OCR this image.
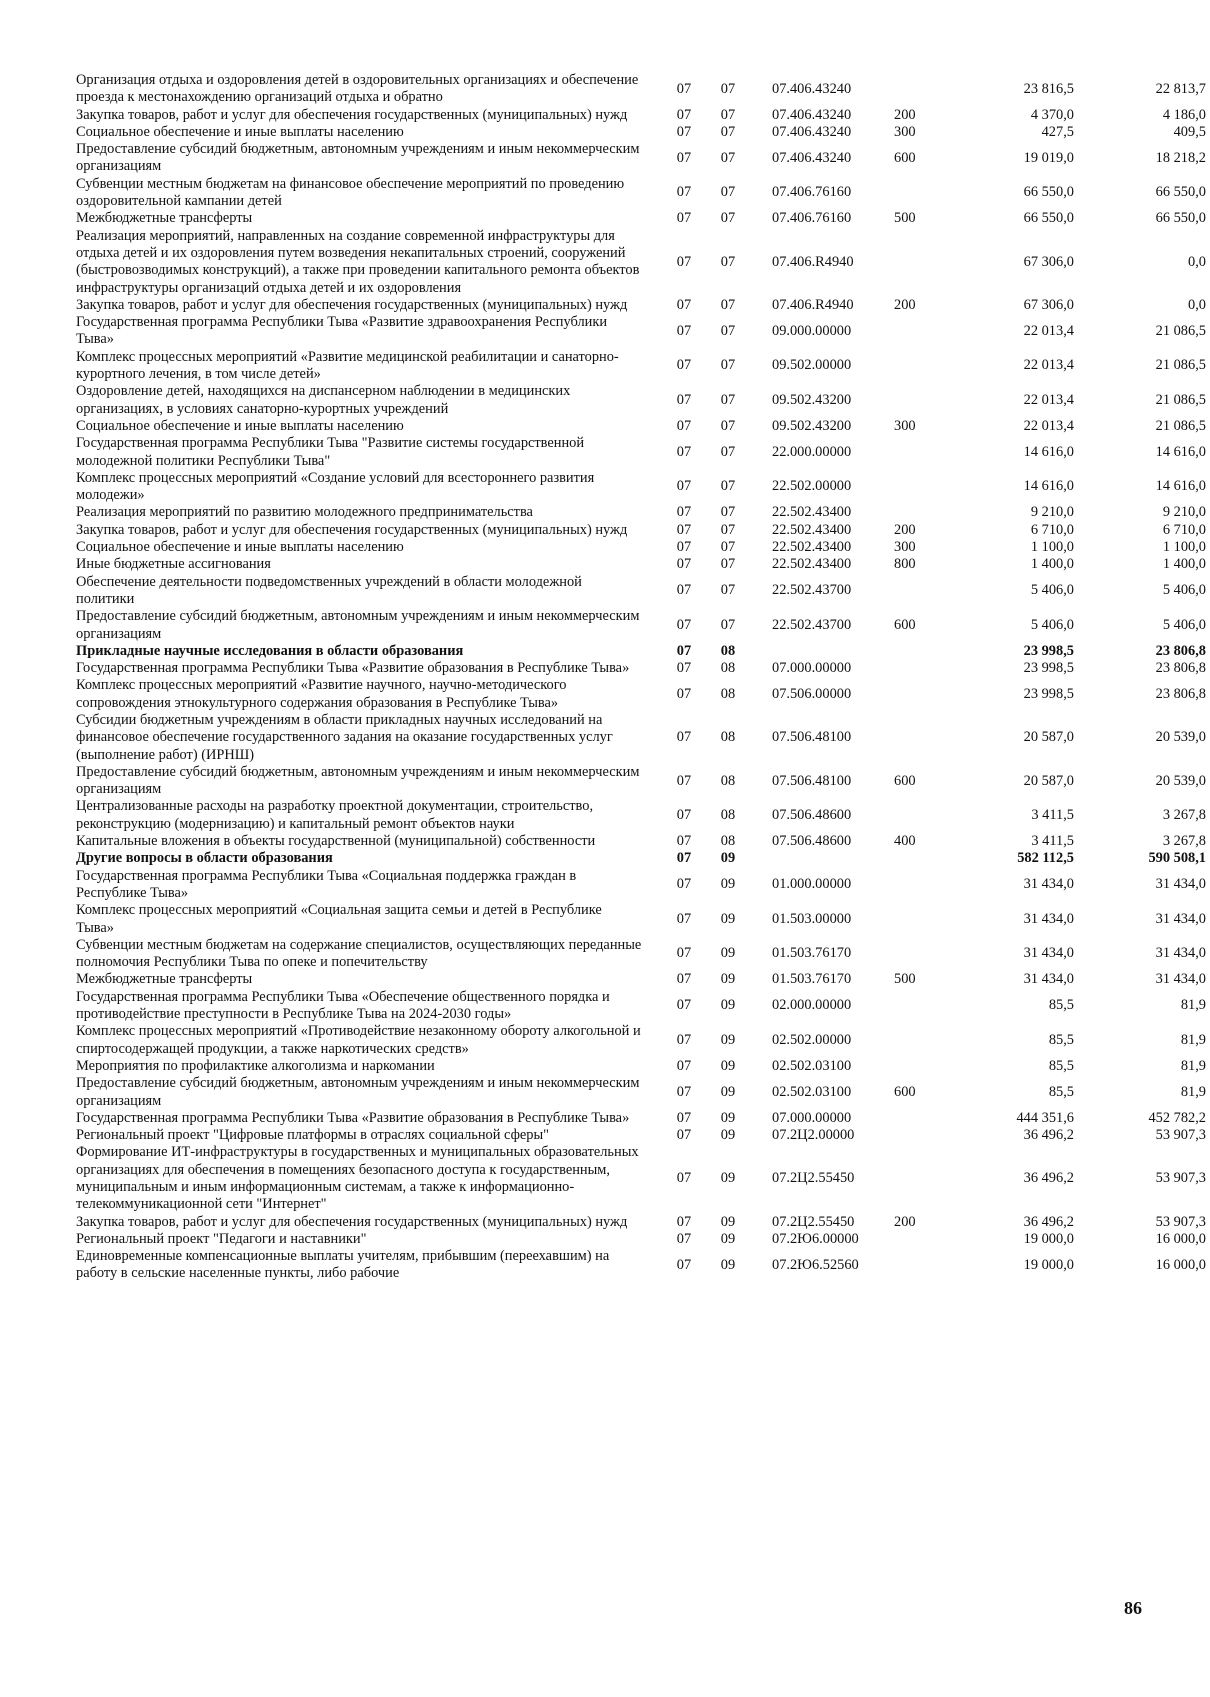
Организация отдыха и оздоровления детей в оздоровительных организациях и обеспечение проезда к местонахождению организаций отдыха и обратно	07	07	07.406.43240		23 816,5	22 813,7
Закупка товаров, работ и услуг для обеспечения государственных (муниципальных) нужд	07	07	07.406.43240	200	4 370,0	4 186,0
Социальное обеспечение и иные выплаты населению	07	07	07.406.43240	300	427,5	409,5
Предоставление субсидий бюджетным, автономным учреждениям и иным некоммерческим организациям	07	07	07.406.43240	600	19 019,0	18 218,2
Субвенции местным бюджетам на финансовое обеспечение мероприятий по проведению оздоровительной кампании детей	07	07	07.406.76160		66 550,0	66 550,0
Межбюджетные трансферты	07	07	07.406.76160	500	66 550,0	66 550,0
Реализация мероприятий, направленных на создание современной инфраструктуры для отдыха детей и их оздоровления путем возведения некапитальных строений, сооружений (быстровозводимых конструкций), а также при проведении капитального ремонта объектов инфраструктуры организаций отдыха детей и их оздоровления	07	07	07.406.R4940		67 306,0	0,0
Закупка товаров, работ и услуг для обеспечения государственных (муниципальных) нужд	07	07	07.406.R4940	200	67 306,0	0,0
Государственная программа Республики Тыва «Развитие здравоохранения Республики Тыва»	07	07	09.000.00000		22 013,4	21 086,5
Комплекс процессных мероприятий «Развитие медицинской реабилитации и санаторно-курортного лечения, в том числе детей»	07	07	09.502.00000		22 013,4	21 086,5
Оздоровление детей, находящихся на диспансерном наблюдении в медицинских организациях, в условиях санаторно-курортных учреждений	07	07	09.502.43200		22 013,4	21 086,5
Социальное обеспечение и иные выплаты населению	07	07	09.502.43200	300	22 013,4	21 086,5
Государственная программа Республики Тыва "Развитие системы государственной молодежной политики Республики Тыва"	07	07	22.000.00000		14 616,0	14 616,0
Комплекс процессных мероприятий «Создание условий для всестороннего развития молодежи»	07	07	22.502.00000		14 616,0	14 616,0
Реализация мероприятий по развитию молодежного предпринимательства	07	07	22.502.43400		9 210,0	9 210,0
Закупка товаров, работ и услуг для обеспечения государственных (муниципальных) нужд	07	07	22.502.43400	200	6 710,0	6 710,0
Социальное обеспечение и иные выплаты населению	07	07	22.502.43400	300	1 100,0	1 100,0
Иные бюджетные ассигнования	07	07	22.502.43400	800	1 400,0	1 400,0
Обеспечение деятельности подведомственных учреждений в области молодежной политики	07	07	22.502.43700		5 406,0	5 406,0
Предоставление субсидий бюджетным, автономным учреждениям и иным некоммерческим организациям	07	07	22.502.43700	600	5 406,0	5 406,0
Прикладные научные исследования в области образования	07	08			23 998,5	23 806,8
Государственная программа Республики Тыва «Развитие образования в Республике Тыва»	07	08	07.000.00000		23 998,5	23 806,8
Комплекс процессных мероприятий «Развитие научного, научно-методического сопровождения этнокультурного содержания образования в Республике Тыва»	07	08	07.506.00000		23 998,5	23 806,8
Субсидии бюджетным учреждениям в области прикладных научных исследований на финансовое обеспечение государственного задания на оказание государственных услуг (выполнение работ) (ИРНШ)	07	08	07.506.48100		20 587,0	20 539,0
Предоставление субсидий бюджетным, автономным учреждениям и иным некоммерческим организациям	07	08	07.506.48100	600	20 587,0	20 539,0
Централизованные расходы на разработку проектной документации, строительство, реконструкцию (модернизацию) и капитальный ремонт объектов науки	07	08	07.506.48600		3 411,5	3 267,8
Капитальные вложения в объекты государственной (муниципальной) собственности	07	08	07.506.48600	400	3 411,5	3 267,8
Другие вопросы в области образования	07	09			582 112,5	590 508,1
Государственная программа Республики Тыва «Социальная поддержка граждан в Республике Тыва»	07	09	01.000.00000		31 434,0	31 434,0
Комплекс процессных мероприятий «Социальная защита семьи и детей в Республике Тыва»	07	09	01.503.00000		31 434,0	31 434,0
Субвенции местным бюджетам на содержание специалистов, осуществляющих переданные полномочия Республики Тыва по опеке и попечительству	07	09	01.503.76170		31 434,0	31 434,0
Межбюджетные трансферты	07	09	01.503.76170	500	31 434,0	31 434,0
Государственная программа Республики Тыва «Обеспечение общественного порядка и противодействие преступности в Республике Тыва на 2024-2030 годы»	07	09	02.000.00000		85,5	81,9
Комплекс процессных мероприятий «Противодействие незаконному обороту алкогольной и спиртосодержащей продукции, а также наркотических средств»	07	09	02.502.00000		85,5	81,9
Мероприятия по профилактике алкоголизма и наркомании	07	09	02.502.03100		85,5	81,9
Предоставление субсидий бюджетным, автономным учреждениям и иным некоммерческим организациям	07	09	02.502.03100	600	85,5	81,9
Государственная программа Республики Тыва «Развитие образования в Республике Тыва»	07	09	07.000.00000		444 351,6	452 782,2
Региональный проект "Цифровые платформы в отраслях социальной сферы"	07	09	07.2Ц2.00000		36 496,2	53 907,3
Формирование ИТ-инфраструктуры в государственных и муниципальных образовательных организациях для обеспечения в помещениях безопасного доступа к государственным, муниципальным и иным информационным системам, а также к информационно-телекоммуникационной сети "Интернет"	07	09	07.2Ц2.55450		36 496,2	53 907,3
Закупка товаров, работ и услуг для обеспечения государственных (муниципальных) нужд	07	09	07.2Ц2.55450	200	36 496,2	53 907,3
Региональный проект "Педагоги и наставники"	07	09	07.2Ю6.00000		19 000,0	16 000,0
Единовременные компенсационные выплаты учителям, прибывшим (переехавшим) на работу в сельские населенные пункты, либо рабочие	07	09	07.2Ю6.52560		19 000,0	16 000,0
86
